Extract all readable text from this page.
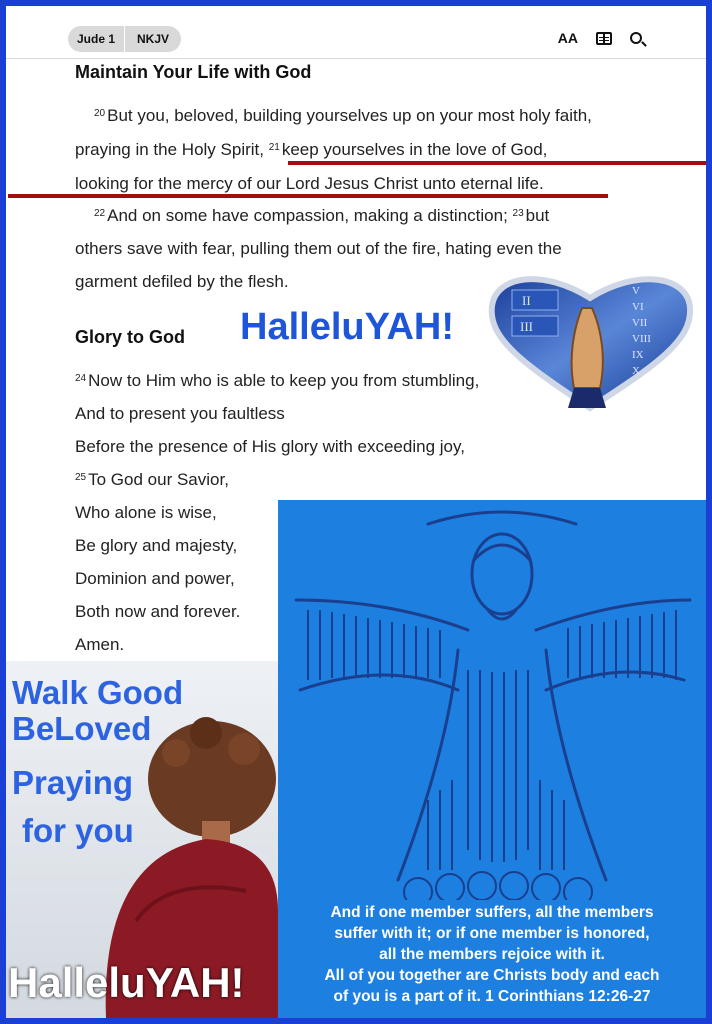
Jude 1	NKJV	AA
Maintain Your Life with God
$^{20}$ But you, beloved, building yourselves up on your most holy faith,
praying in the Holy Spirit, $^{21}$ keep yourselves in the love of God,
looking for the mercy of our Lord Jesus Christ unto eternal life.
$^{22}$ And on some have compassion, making a distinction; $^{23}$ but
others save with fear, pulling them out of the fire, hating even the
garment defiled by the flesh.
Glory to God HalleluYAH!
II
III
V
VI
VII
VIII
IX
X
$^{24}$ Now to Him who is able to keep you from stumbling,
And to present you faultless
Before the presence of His glory with exceeding joy,
$^{25}$ To God our Savior,
Who alone is wise,
Be glory and majesty,
Dominion and power,
Both now and forever.
Amen.
Walk Good
BeLoved
Praying
for you
HalleluYAH!
And if one member suffers, all the members
suffer with it; or if one member is honored,
all the members rejoice with it.
All of you together are Christs body and each
of you is a part of it. 1 Corinthians 12:26-27
